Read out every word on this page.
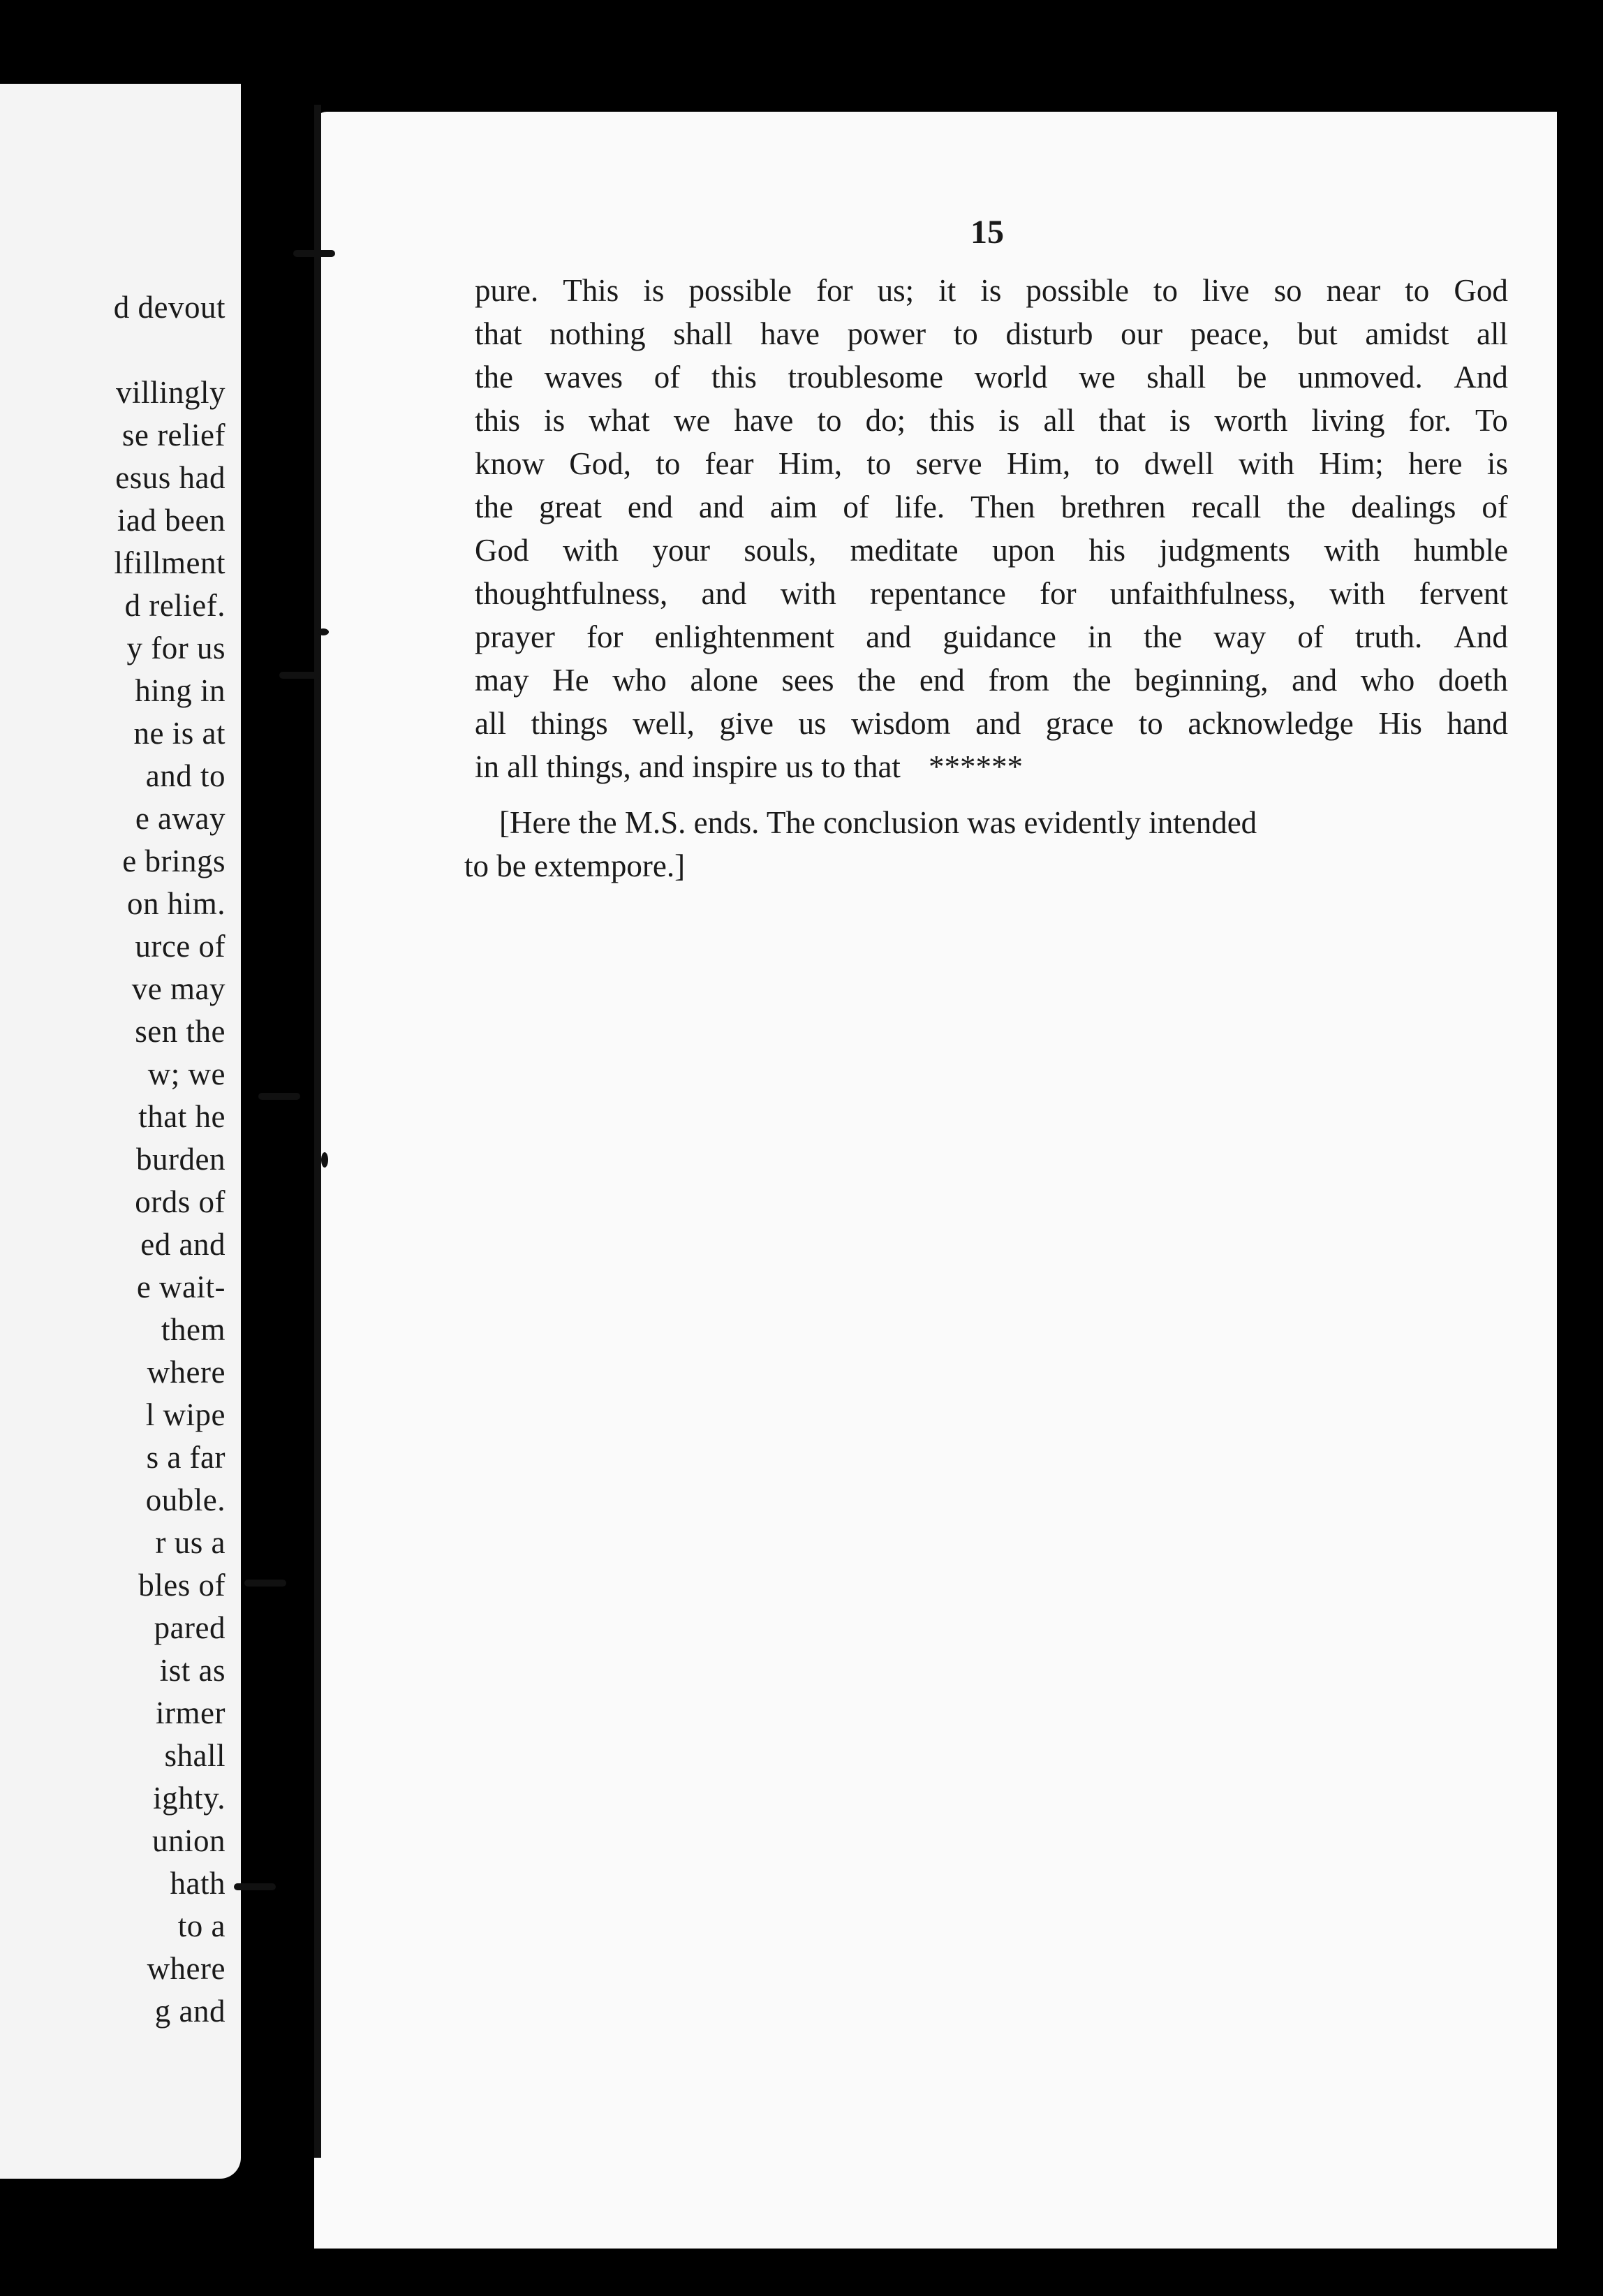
d devout
villingly
se relief
esus had
iad been
lfillment
d relief.
y for us
hing in
ne is at
and to
e away
e brings
on him.
urce of
ve may
sen the
w; we
that he
burden
ords of
ed and
e wait-
them
where
l wipe
s a far
ouble.
r us a
bles of
pared
ist as
irmer
shall
ighty.
union
hath
to a
where
g and
15
pure. This is possible for us; it is possible to live so near to God
that nothing shall have power to disturb our peace, but amidst all
the waves of this troublesome world we shall be unmoved. And
this is what we have to do; this is all that is worth living for. To
know God, to fear Him, to serve Him, to dwell with Him; here is
the great end and aim of life. Then brethren recall the dealings of
God with your souls, meditate upon his judgments with humble
thoughtfulness, and with repentance for unfaithfulness, with fervent
prayer for enlightenment and guidance in the way of truth. And
may He who alone sees the end from the beginning, and who doeth
all things well, give us wisdom and grace to acknowledge His hand
in all things, and inspire us to that ******
[Here the M.S. ends. The conclusion was evidently intended
to be extempore.]
